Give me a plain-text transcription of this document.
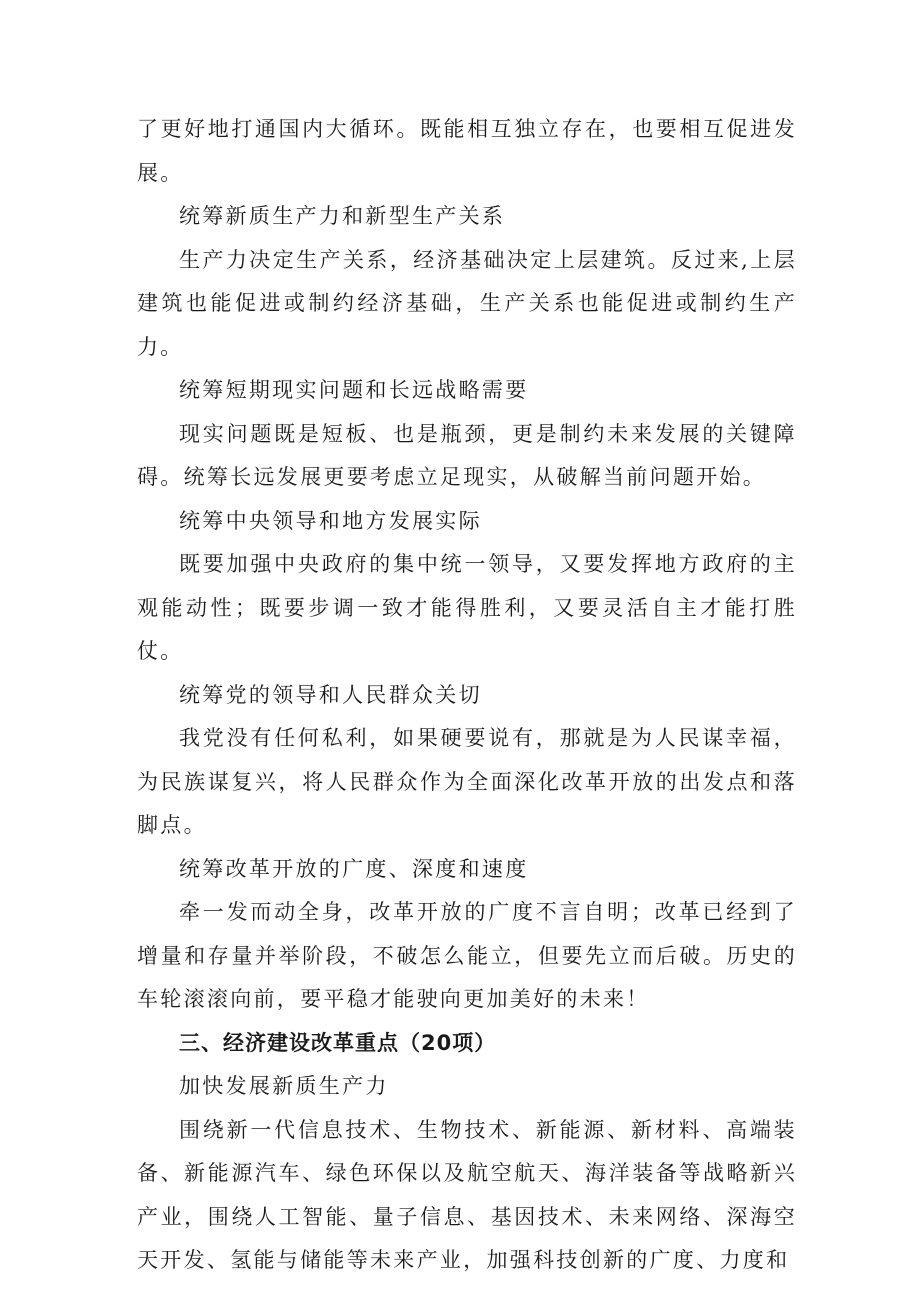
了更好地打通国内大循环。既能相互独立存在，也要相互促进发展。

统筹新质生产力和新型生产关系

生产力决定生产关系，经济基础决定上层建筑。反过来,上层建筑也能促进或制约经济基础，生产关系也能促进或制约生产力。

统筹短期现实问题和长远战略需要

现实问题既是短板、也是瓶颈，更是制约未来发展的关键障碍。统筹长远发展更要考虑立足现实，从破解当前问题开始。

统筹中央领导和地方发展实际

既要加强中央政府的集中统一领导，又要发挥地方政府的主观能动性；既要步调一致才能得胜利，又要灵活自主才能打胜仗。

统筹党的领导和人民群众关切

我党没有任何私利，如果硬要说有，那就是为人民谋幸福，为民族谋复兴，将人民群众作为全面深化改革开放的出发点和落脚点。

统筹改革开放的广度、深度和速度

牵一发而动全身，改革开放的广度不言自明；改革已经到了增量和存量并举阶段，不破怎么能立，但要先立而后破。历史的车轮滚滚向前，要平稳才能驶向更加美好的未来！

三、经济建设改革重点（20项）

加快发展新质生产力

围绕新一代信息技术、生物技术、新能源、新材料、高端装备、新能源汽车、绿色环保以及航空航天、海洋装备等战略新兴产业，围绕人工智能、量子信息、基因技术、未来网络、深海空天开发、氢能与储能等未来产业，加强科技创新的广度、力度和
